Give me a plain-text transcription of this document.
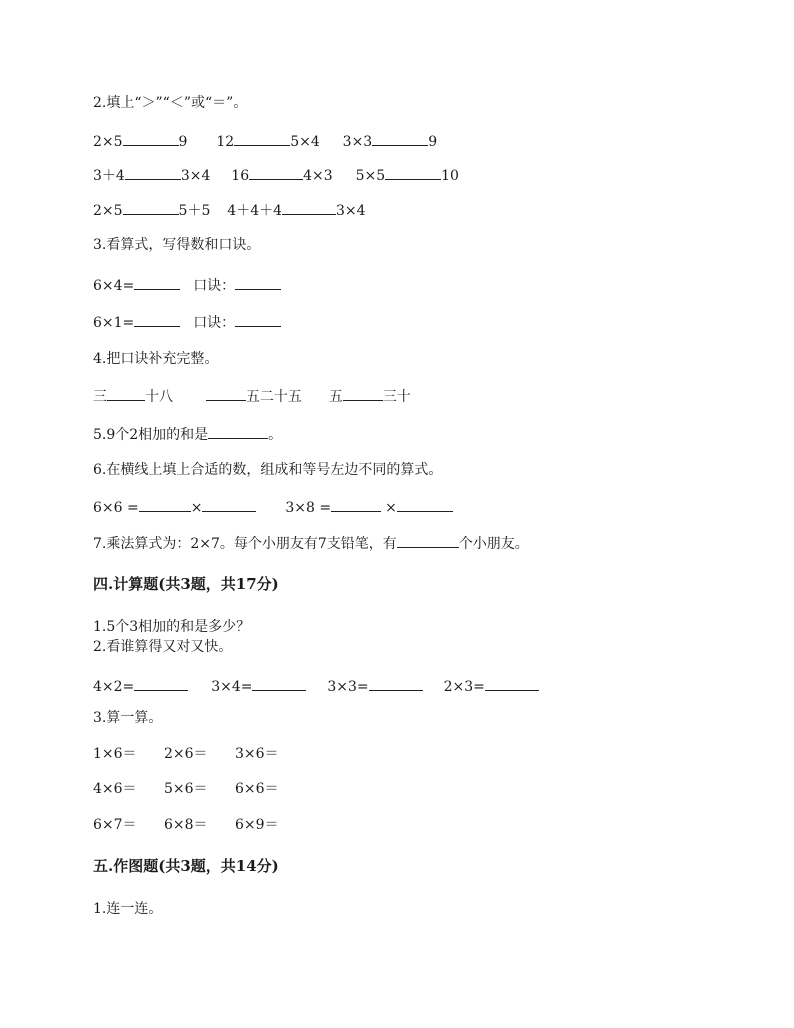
2.填上“＞”“＜”或“＝”。
2×5	9 12	5×4 3×3	9
3＋4	3×4 16	4×3 5×5	10
2×5	5＋5 4＋4＋4	3×4
3.看算式，写得数和口诀。
6×4=	口诀：
6×1=	口诀：
4.把口诀补充完整。
三	十八	五二十五 五	三十
5.9个2相加的和是	。
6.在横线上填上合适的数，组成和等号左边不同的算式。
6×6 =	×	3×8 =	×
7.乘法算式为：2×7。每个小朋友有7支铅笔，有	个小朋友。
四.计算题(共3题，共17分)
1.5个3相加的和是多少？
2.看谁算得又对又快。
4×2=	3×4=	3×3=	2×3=
3.算一算。
1×6＝ 2×6＝ 3×6＝
4×6＝ 5×6＝ 6×6＝
6×7＝ 6×8＝ 6×9＝
五.作图题(共3题，共14分)
1.连一连。
